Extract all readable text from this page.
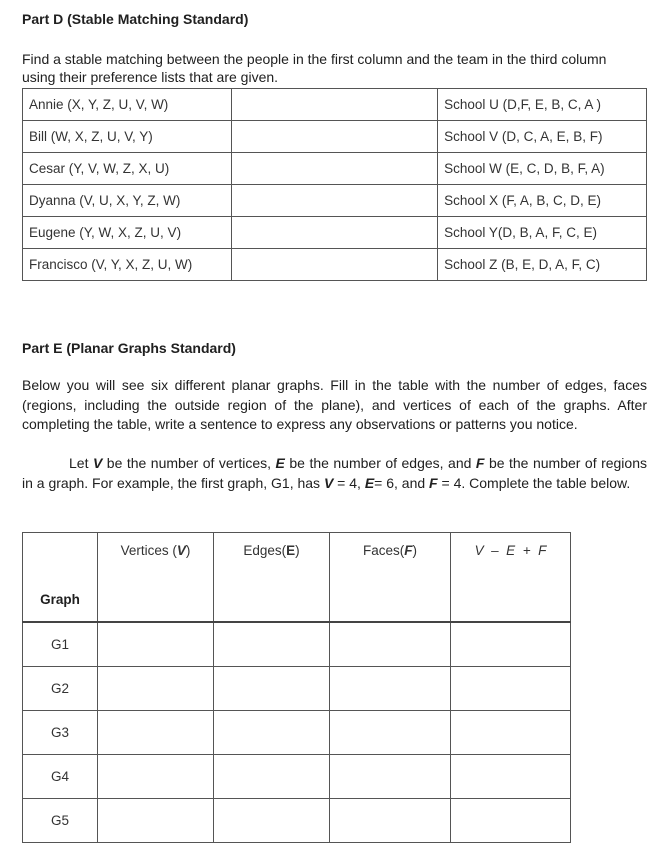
Part D (Stable Matching Standard)
Find a stable matching between the people in the first column and the team in the third column
using their preference lists that are given.
Annie (X, Y, Z, U, V, W)		School U (D,F, E, B, C, A )
Bill (W, X, Z, U, V, Y)		School V (D, C, A, E, B, F)
Cesar (Y, V, W, Z, X, U)		School W (E, C, D, B, F, A)
Dyanna (V, U, X, Y, Z, W)		School X (F, A, B, C, D, E)
Eugene (Y, W, X, Z, U, V)		School Y(D, B, A, F, C, E)
Francisco (V, Y, X, Z, U, W)		School Z (B, E, D, A, F, C)
Part E (Planar Graphs Standard)
Below you will see six different planar graphs. Fill in the table with the number of edges, faces (regions, including the outside region of the plane), and vertices of each of the graphs. After completing the table, write a sentence to express any observations or patterns you notice.
Let V be the number of vertices, E be the number of edges, and F be the number of regions in a graph. For example, the first graph, G1, has V = 4, E= 6, and F = 4. Complete the table below.
Graph	Vertices (V)	Edges(E)	Faces(F)	V  –  E  +  F
G1				
G2				
G3				
G4				
G5				
